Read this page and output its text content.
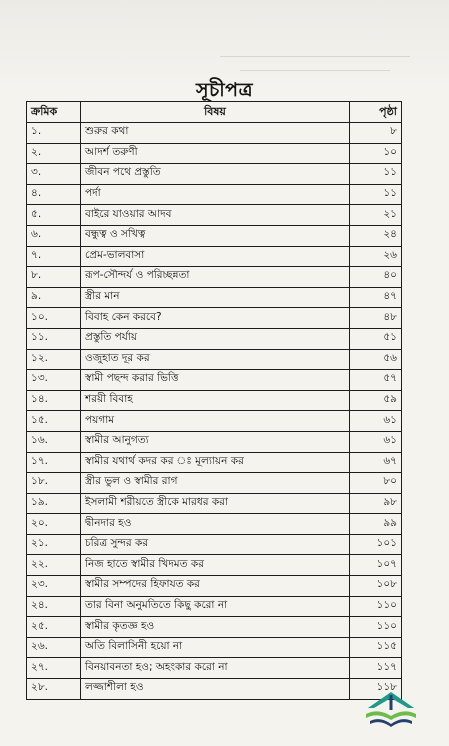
সূচীপত্র
ক্রমিক	বিষয়	পৃষ্ঠা
১.	শুরুর কথা	৮
২.	আদর্শ তরুণী	১০
৩.	জীবন পথে প্রস্তুতি	১১
৪.	পর্দা	১১
৫.	বাইরে যাওয়ার আদব	২১
৬.	বন্ধুত্ব ও সখিত্ব	২৪
৭.	প্রেম-ভালবাসা	২৬
৮.	রূপ-সৌন্দর্য ও পরিচ্ছন্নতা	৪০
৯.	স্ত্রীর মান	৪৭
১০.	বিবাহ কেন করবে?	৪৮
১১.	প্রস্তুতি পর্যায়	৫১
১২.	ওজুহাত দূর কর	৫৬
১৩.	স্বামী পছন্দ করার ভিত্তি	৫৭
১৪.	শরয়ী বিবাহ	৫৯
১৫.	পয়গাম	৬১
১৬.	স্বামীর আনুগত্য	৬১
১৭.	স্বামীর যথার্থ কদর কর ঃ মূল্যায়ন কর	৬৭
১৮.	স্ত্রীর ভুল ও স্বামীর রাগ	৮০
১৯.	ইসলামী শরীয়তে স্ত্রীকে মারধর করা	৯৮
২০.	দ্বীনদার হও	৯৯
২১.	চরিত্র সুন্দর কর	১০১
২২.	নিজ হাতে স্বামীর খিদমত কর	১০৭
২৩.	স্বামীর সম্পদের হিফাযত কর	১০৮
২৪.	তার বিনা অনুমতিতে কিছু করো না	১১০
২৫.	স্বামীর কৃতজ্ঞ হও	১১০
২৬.	অতি বিলাসিনী হয়ো না	১১৫
২৭.	বিনয়াবনতা হও; অহংকার করো না	১১৭
২৮.	লজ্জাশীলা হও	১১৮
